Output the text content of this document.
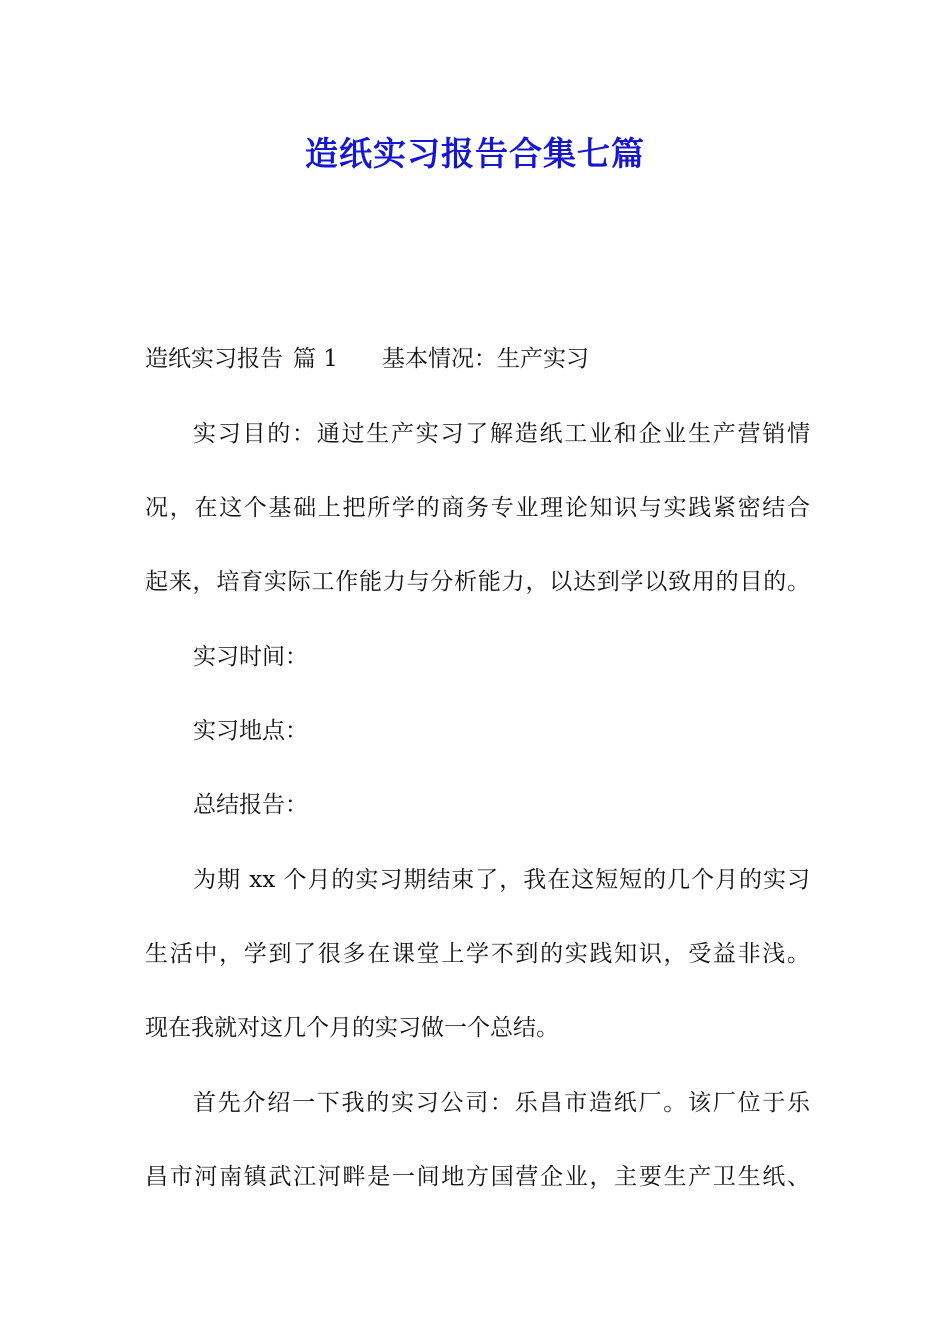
造纸实习报告合集七篇

造纸实习报告 篇 1 基本情况：生产实习

实习目的：通过生产实习了解造纸工业和企业生产营销情

况，在这个基础上把所学的商务专业理论知识与实践紧密结合

起来，培育实际工作能力与分析能力，以达到学以致用的目的。

实习时间：

实习地点：

总结报告：

为期 xx 个月的实习期结束了，我在这短短的几个月的实习

生活中，学到了很多在课堂上学不到的实践知识，受益非浅。

现在我就对这几个月的实习做一个总结。

首先介绍一下我的实习公司：乐昌市造纸厂。该厂位于乐

昌市河南镇武江河畔是一间地方国营企业，主要生产卫生纸、
